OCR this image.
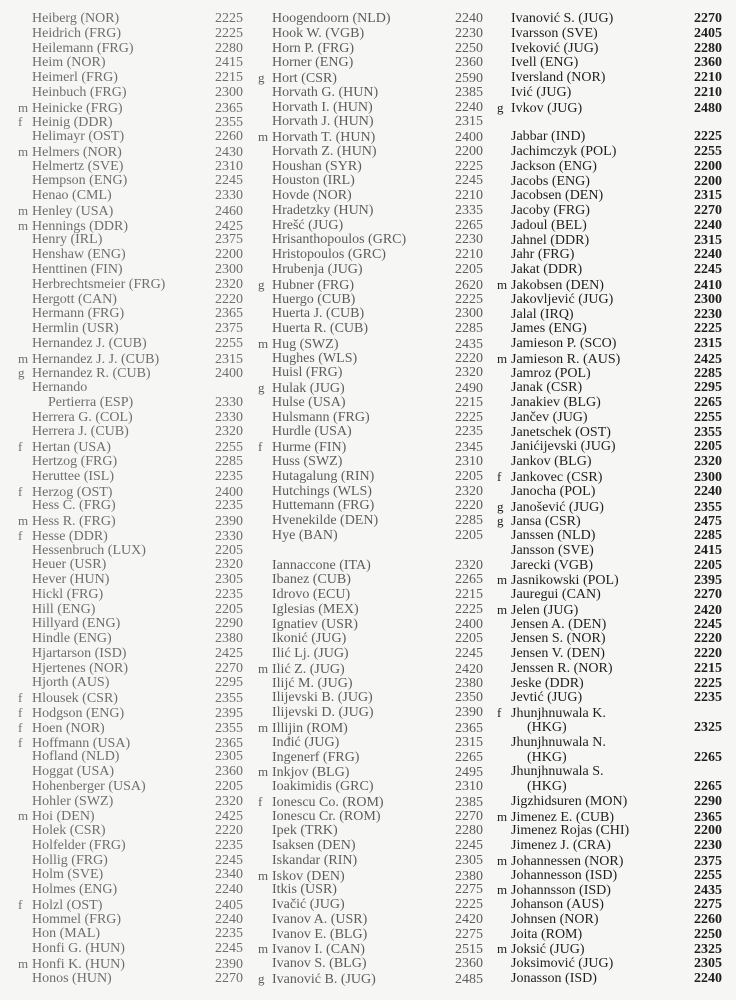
Heiberg (NOR)	2225
Heidrich (FRG)	2225
Heilemann (FRG)	2280
Heim (NOR)	2415
Heimerl (FRG)	2215
Heinbuch (FRG)	2300
m Heinicke (FRG)	2365
f Heinig (DDR)	2355
Helimayr (OST)	2260
m Helmers (NOR)	2430
Helmertz (SVE)	2310
Hempson (ENG)	2245
Henao (CML)	2330
m Henley (USA)	2460
m Hennings (DDR)	2425
Henry (IRL)	2375
Henshaw (ENG)	2200
Henttinen (FIN)	2300
Herbrechtsmeier (FRG)	2320
Hergott (CAN)	2220
Hermann (FRG)	2365
Hermlin (USR)	2375
Hernandez J. (CUB)	2255
m Hernandez J. J. (CUB)	2315
g Hernandez R. (CUB)	2400
Hernando
Pertierra (ESP)	2330
Herrera G. (COL)	2330
Herrera J. (CUB)	2320
f Hertan (USA)	2255
Hertzog (FRG)	2285
Heruttee (ISL)	2235
f Herzog (OST)	2400
Hess C. (FRG)	2235
m Hess R. (FRG)	2390
f Hesse (DDR)	2330
Hessenbruch (LUX)	2205
Heuer (USR)	2320
Hever (HUN)	2305
Hickl (FRG)	2235
Hill (ENG)	2205
Hillyard (ENG)	2290
Hindle (ENG)	2380
Hjartarson (ISD)	2425
Hjertenes (NOR)	2270
Hjorth (AUS)	2295
f Hlousek (CSR)	2355
f Hodgson (ENG)	2395
f Hoen (NOR)	2355
f Hoffmann (USA)	2365
Hofland (NLD)	2305
Hoggat (USA)	2360
Hohenberger (USA)	2205
Hohler (SWZ)	2320
m Hoi (DEN)	2425
Holek (CSR)	2220
Holfelder (FRG)	2235
Hollig (FRG)	2245
Holm (SVE)	2340
Holmes (ENG)	2240
f Holzl (OST)	2405
Hommel (FRG)	2240
Hon (MAL)	2235
Honfi G. (HUN)	2245
m Honfi K. (HUN)	2390
Honos (HUN)	2270
Hoogendoorn (NLD)	2240
Hook W. (VGB)	2230
Horn P. (FRG)	2250
Horner (ENG)	2360
g Hort (CSR)	2590
Horvath G. (HUN)	2385
Horvath I. (HUN)	2240
Horvath J. (HUN)	2315
m Horvath T. (HUN)	2400
Horvath Z. (HUN)	2200
Houshan (SYR)	2225
Houston (IRL)	2245
Hovde (NOR)	2210
Hradetzky (HUN)	2335
Hrešć (JUG)	2265
Hrisanthopoulos (GRC)	2230
Hristopoulos (GRC)	2210
Hrubenja (JUG)	2205
g Hubner (FRG)	2620
Huergo (CUB)	2225
Huerta J. (CUB)	2300
Huerta R. (CUB)	2285
m Hug (SWZ)	2435
Hughes (WLS)	2220
Huisl (FRG)	2320
g Hulak (JUG)	2490
Hulse (USA)	2215
Hulsmann (FRG)	2225
Hurdle (USA)	2235
f Hurme (FIN)	2345
Huss (SWZ)	2310
Hutagalung (RIN)	2205
Hutchings (WLS)	2320
Huttemann (FRG)	2220
Hvenekilde (DEN)	2285
Hye (BAN)	2205
Iannaccone (ITA)	2320
Ibanez (CUB)	2265
Idrovo (ECU)	2215
Iglesias (MEX)	2225
Ignatiev (USR)	2400
Ikonić (JUG)	2205
Ilić Lj. (JUG)	2245
m Ilić Z. (JUG)	2420
Ilijć M. (JUG)	2380
Ilijevski B. (JUG)	2350
Ilijevski D. (JUG)	2390
m Illijin (ROM)	2365
Inđić (JUG)	2315
Ingenerf (FRG)	2265
m Inkjov (BLG)	2495
Ioakimidis (GRC)	2310
f Ionescu Co. (ROM)	2385
Ionescu Cr. (ROM)	2270
Ipek (TRK)	2280
Isaksen (DEN)	2245
Iskandar (RIN)	2305
m Iskov (DEN)	2380
Itkis (USR)	2275
Ivačić (JUG)	2225
Ivanov A. (USR)	2420
Ivanov E. (BLG)	2275
m Ivanov I. (CAN)	2515
Ivanov S. (BLG)	2360
g Ivanović B. (JUG)	2485
Ivanović S. (JUG)	2270
Ivarsson (SVE)	2405
Iveković (JUG)	2280
Ivell (ENG)	2360
Iversland (NOR)	2210
Ivić (JUG)	2210
g Ivkov (JUG)	2480
Jabbar (IND)	2225
Jachimczyk (POL)	2255
Jackson (ENG)	2200
Jacobs (ENG)	2200
Jacobsen (DEN)	2315
Jacoby (FRG)	2270
Jadoul (BEL)	2240
Jahnel (DDR)	2315
Jahr (FRG)	2240
Jakat (DDR)	2245
m Jakobsen (DEN)	2410
Jakovljević (JUG)	2300
Jalal (IRQ)	2230
James (ENG)	2225
Jamieson P. (SCO)	2315
m Jamieson R. (AUS)	2425
Jamroz (POL)	2285
Janak (CSR)	2295
Janakiev (BLG)	2265
Jančev (JUG)	2255
Janetschek (OST)	2355
Janićijevski (JUG)	2205
Jankov (BLG)	2320
f Jankovec (CSR)	2300
Janocha (POL)	2240
g Janošević (JUG)	2355
g Jansa (CSR)	2475
Janssen (NLD)	2285
Jansson (SVE)	2415
Jarecki (VGB)	2205
m Jasnikowski (POL)	2395
Jauregui (CAN)	2270
m Jelen (JUG)	2420
Jensen A. (DEN)	2245
Jensen S. (NOR)	2220
Jensen V. (DEN)	2220
Jenssen R. (NOR)	2215
Jeske (DDR)	2225
Jevtić (JUG)	2235
f Jhunjhnuwala K.
(HKG)	2325
Jhunjhnuwala N.
(HKG)	2265
Jhunjhnuwala S.
(HKG)	2265
Jigzhidsuren (MON)	2290
m Jimenez E. (CUB)	2365
Jimenez Rojas (CHI)	2200
Jimenez J. (CRA)	2230
m Johannessen (NOR)	2375
Johannesson (ISD)	2255
m Johannsson (ISD)	2435
Johanson (AUS)	2275
Johnsen (NOR)	2260
Joita (ROM)	2250
m Joksić (JUG)	2325
Joksimović (JUG)	2305
Jonasson (ISD)	2240
